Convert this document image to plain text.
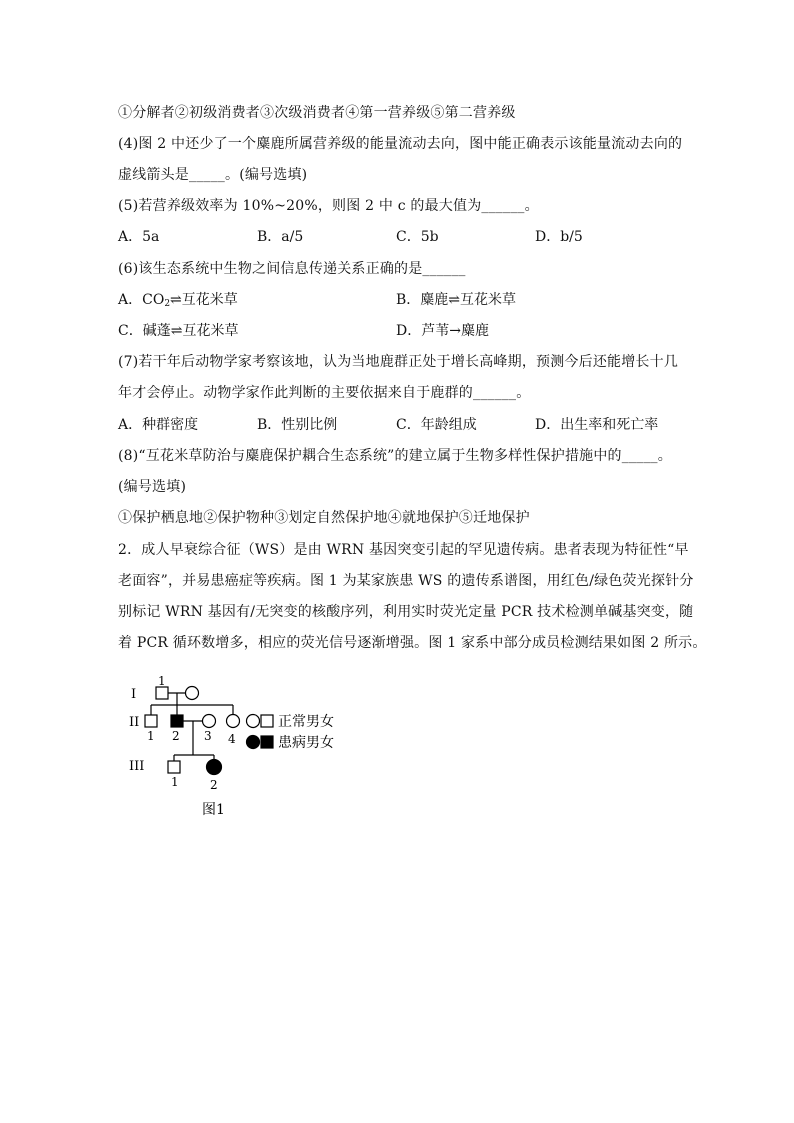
①分解者②初级消费者③次级消费者④第一营养级⑤第二营养级
(4)图 2 中还少了一个麋鹿所属营养级的能量流动去向，图中能正确表示该能量流动去向的
虚线箭头是_____。(编号选填)
(5)若营养级效率为 10%~20%，则图 2 中 c 的最大值为______。
A．5a	B．a/5	C．5b	D．b/5
(6)该生态系统中生物之间信息传递关系正确的是______
A．$CO_2\rightleftharpoons$互花米草	B．麋鹿⇌互花米草
C．碱蓬⇌互花米草	D．芦苇→麋鹿
(7)若干年后动物学家考察该地，认为当地鹿群正处于增长高峰期，预测今后还能增长十几
年才会停止。动物学家作此判断的主要依据来自于鹿群的______。
A．种群密度	B．性别比例	C．年龄组成	D．出生率和死亡率
(8)“互花米草防治与麋鹿保护耦合生态系统”的建立属于生物多样性保护措施中的_____。
(编号选填)
①保护栖息地②保护物种③划定自然保护地④就地保护⑤迁地保护
2．成人早衰综合征（WS）是由 WRN 基因突变引起的罕见遗传病。患者表现为特征性“早
老面容”，并易患癌症等疾病。图 1 为某家族患 WS 的遗传系谱图，用红色/绿色荧光探针分
别标记 WRN 基因有/无突变的核酸序列，利用实时荧光定量 PCR 技术检测单碱基突变，随
着 PCR 循环数增多，相应的荧光信号逐渐增强。图 1 家系中部分成员检测结果如图 2 所示。
I
II
III
1
1 2 3 4
1	2
正常男女
患病男女
图1
